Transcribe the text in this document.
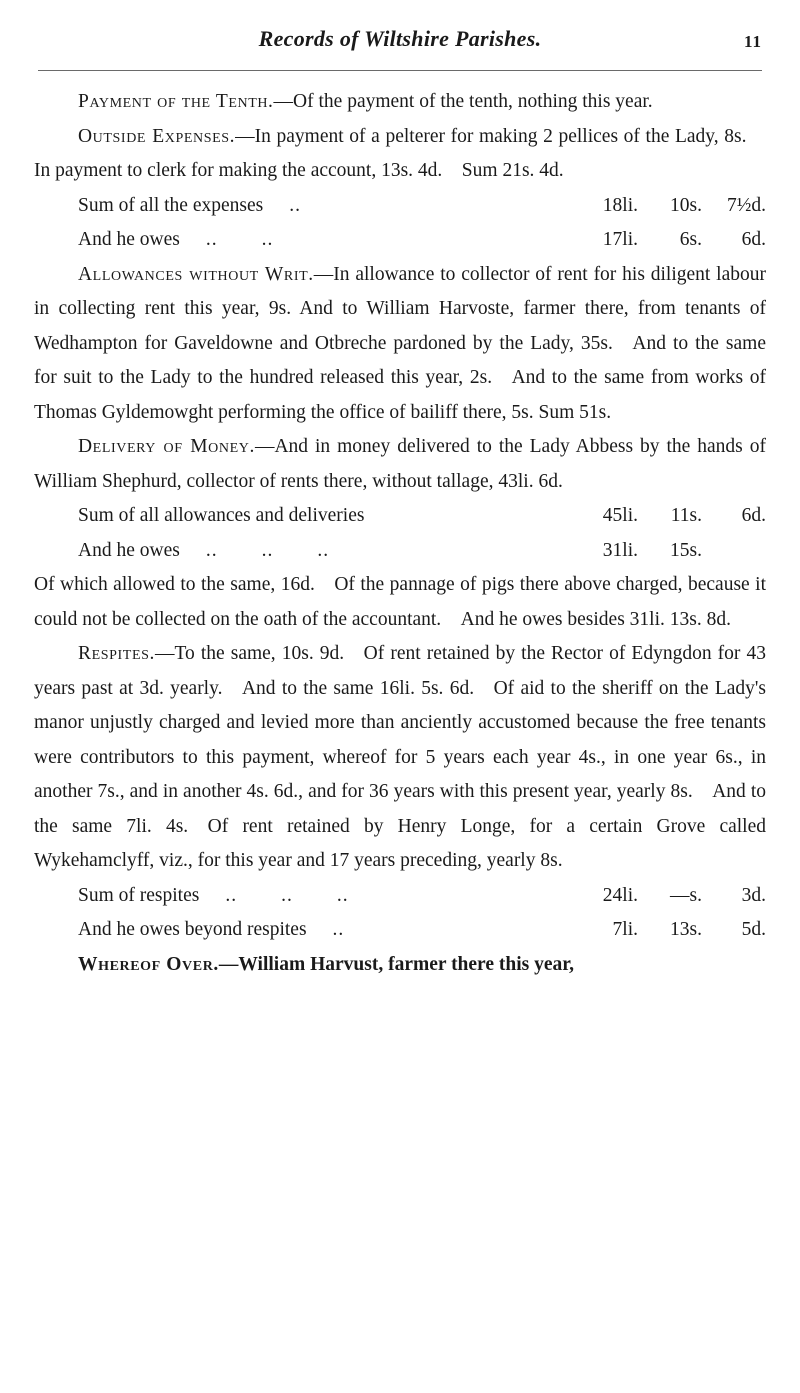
Records of Wiltshire Parishes.	11

Payment of the Tenth.—Of the payment of the tenth, nothing this year.

Outside Expenses.—In payment of a pelterer for making 2 pellices of the Lady, 8s. In payment to clerk for making the account, 13s. 4d. Sum 21s. 4d.

Sum of all the expenses ..	18li.	10s.	7½d.

And he owes .. ..	17li.	6s.	6d.

Allowances without Writ.—In allowance to collector of rent for his diligent labour in collecting rent this year, 9s. And to William Harvoste, farmer there, from tenants of Wedhampton for Gaveldowne and Otbreche pardoned by the Lady, 35s. And to the same for suit to the Lady to the hundred released this year, 2s. And to the same from works of Thomas Gyldemowght performing the office of bailiff there, 5s. Sum 51s.

Delivery of Money.—And in money delivered to the Lady Abbess by the hands of William Shephurd, collector of rents there, without tallage, 43li. 6d.

Sum of all allowances and deliveries	45li.	11s.	6d.

And he owes .. .. ..	31li.	15s.

Of which allowed to the same, 16d. Of the pannage of pigs there above charged, because it could not be collected on the oath of the accountant. And he owes besides 31li. 13s. 8d.

Respites.—To the same, 10s. 9d. Of rent retained by the Rector of Edyngdon for 43 years past at 3d. yearly. And to the same 16li. 5s. 6d. Of aid to the sheriff on the Lady's manor unjustly charged and levied more than anciently accustomed because the free tenants were contributors to this payment, whereof for 5 years each year 4s., in one year 6s., in another 7s., and in another 4s. 6d., and for 36 years with this present year, yearly 8s. And to the same 7li. 4s. Of rent retained by Henry Longe, for a certain Grove called Wykehamclyff, viz., for this year and 17 years preceding, yearly 8s.

Sum of respites .. .. ..	24li.	—s.	3d.

And he owes beyond respites ..	7li.	13s.	5d.

Whereof Over.—William Harvust, farmer there this year,
